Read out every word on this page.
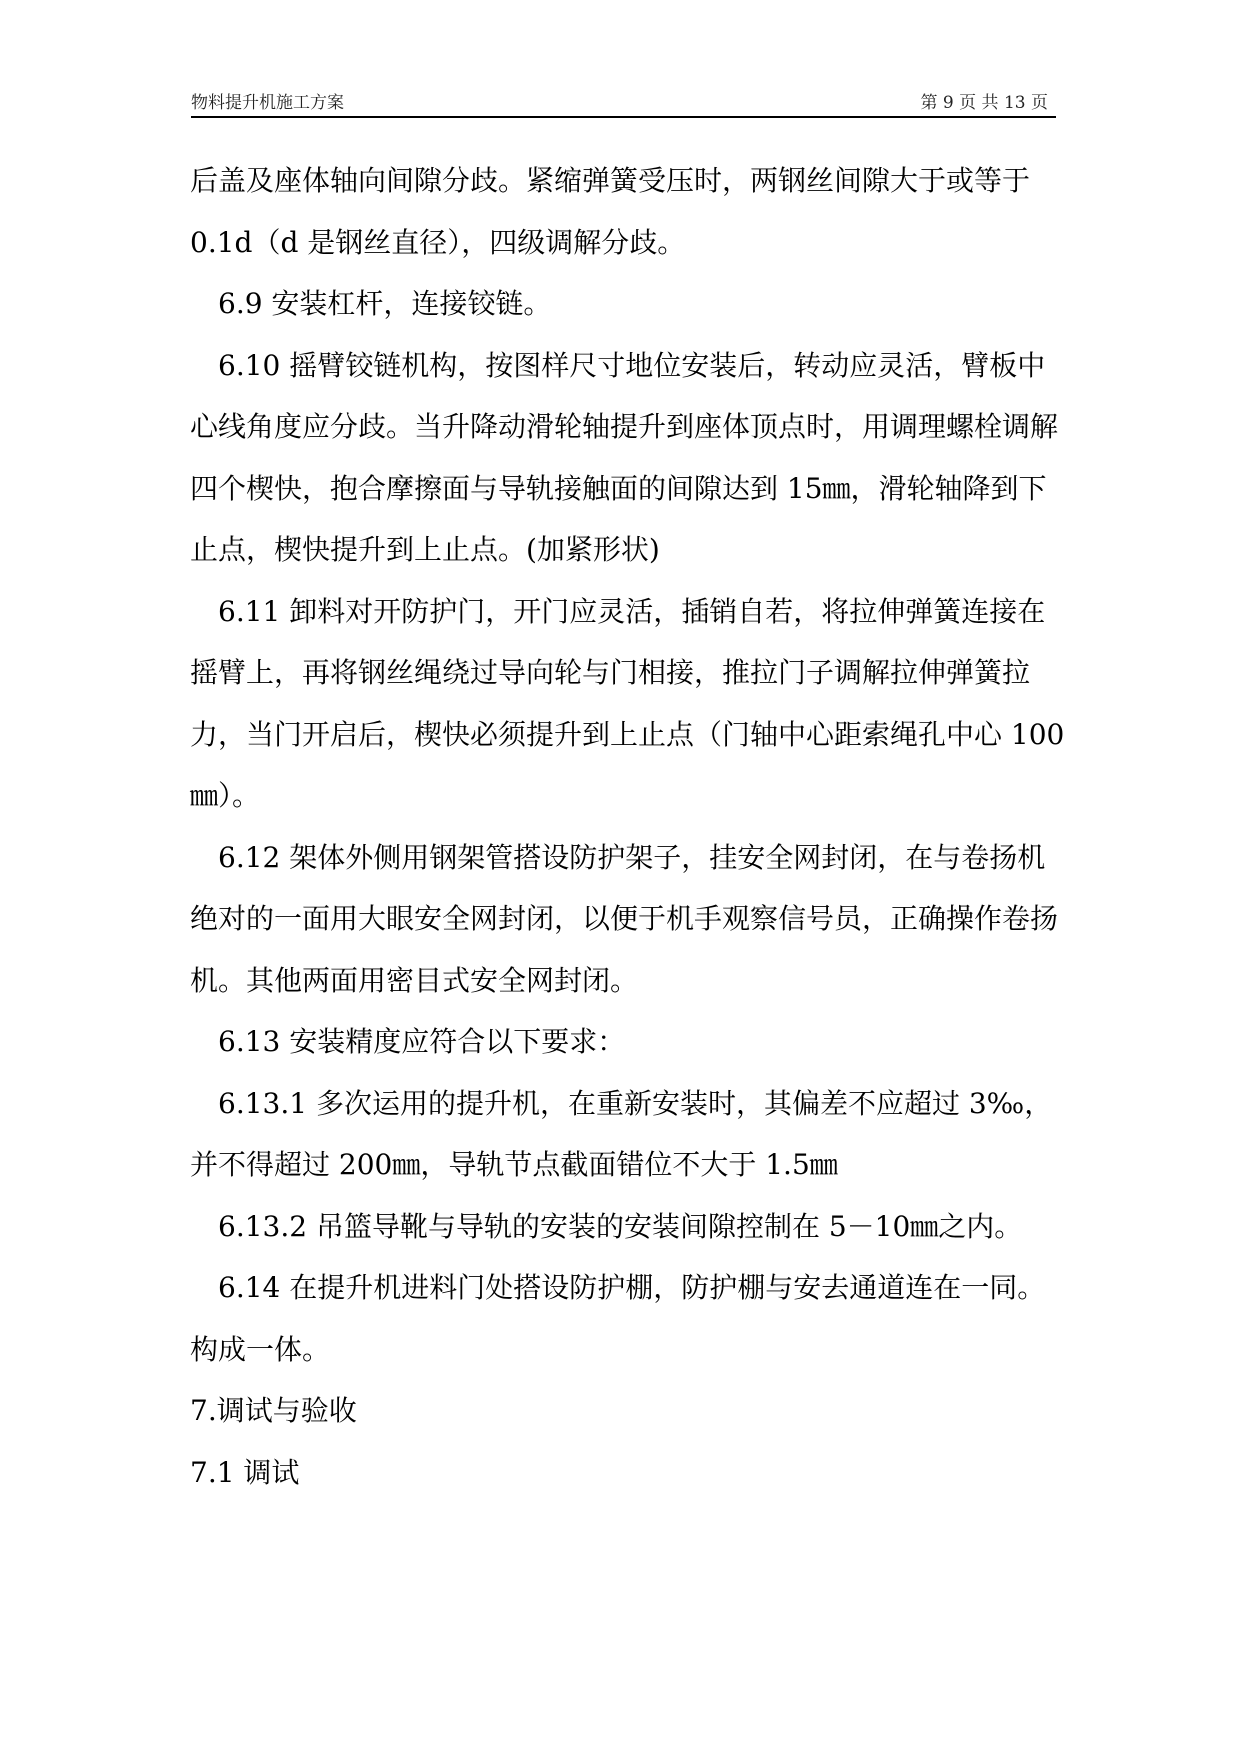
物料提升机施工方案	第 9 页 共 13 页

后盖及座体轴向间隙分歧。紧缩弹簧受压时，两钢丝间隙大于或等于 0.1d（d 是钢丝直径），四级调解分歧。

6.9 安装杠杆，连接铰链。

6.10 摇臂铰链机构，按图样尺寸地位安装后，转动应灵活，臂板中心线角度应分歧。当升降动滑轮轴提升到座体顶点时，用调理螺栓调解四个楔快，抱合摩擦面与导轨接触面的间隙达到 15㎜，滑轮轴降到下止点，楔快提升到上止点。(加紧形状)

6.11 卸料对开防护门，开门应灵活，插销自若，将拉伸弹簧连接在摇臂上，再将钢丝绳绕过导向轮与门相接，推拉门子调解拉伸弹簧拉力，当门开启后，楔快必须提升到上止点（门轴中心距索绳孔中心 100㎜）。

6.12 架体外侧用钢架管搭设防护架子，挂安全网封闭，在与卷扬机绝对的一面用大眼安全网封闭，以便于机手观察信号员，正确操作卷扬机。其他两面用密目式安全网封闭。

6.13 安装精度应符合以下要求：

6.13.1 多次运用的提升机，在重新安装时，其偏差不应超过 3‰，并不得超过 200㎜，导轨节点截面错位不大于 1.5㎜

6.13.2 吊篮导靴与导轨的安装的安装间隙控制在 5－10㎜之内。

6.14 在提升机进料门处搭设防护棚，防护棚与安去通道连在一同。构成一体。

7.调试与验收

7.1 调试
